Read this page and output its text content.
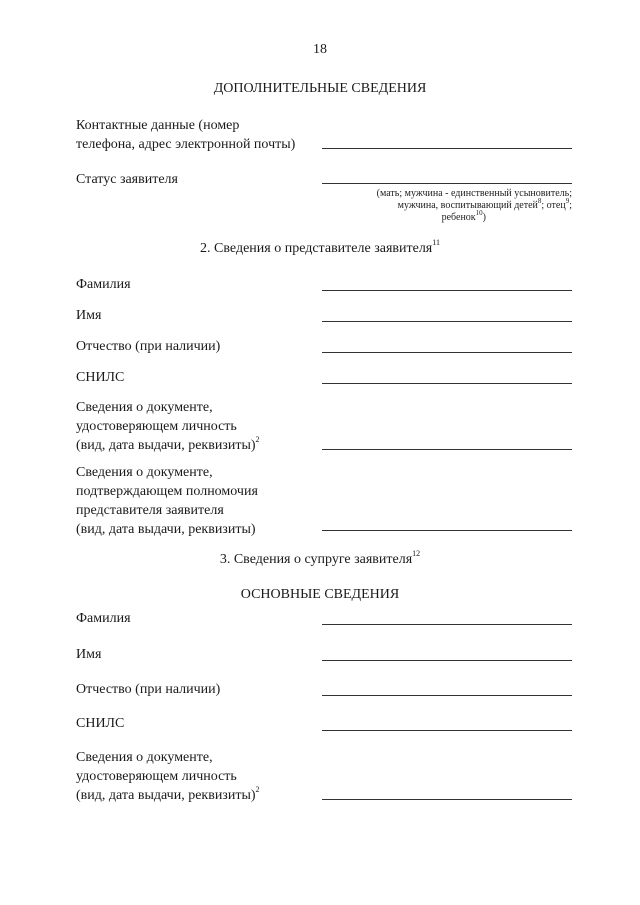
18
ДОПОЛНИТЕЛЬНЫЕ СВЕДЕНИЯ
Контактные данные (номер
телефона, адрес электронной почты)
Статус заявителя
(мать; мужчина - единственный усыновитель;
мужчина, воспитывающий детей$^8$; отец$^9$;
ребенок$^{10}$)
2. Сведения о представителе заявителя$^{11}$
Фамилия
Имя
Отчество (при наличии)
СНИЛС
Сведения о документе,
удостоверяющем личность
(вид, дата выдачи, реквизиты)$^2$
Сведения о документе,
подтверждающем полномочия
представителя заявителя
(вид, дата выдачи, реквизиты)
3. Сведения о супруге заявителя$^{12}$
ОСНОВНЫЕ СВЕДЕНИЯ
Фамилия
Имя
Отчество (при наличии)
СНИЛС
Сведения о документе,
удостоверяющем личность
(вид, дата выдачи, реквизиты)$^2$
